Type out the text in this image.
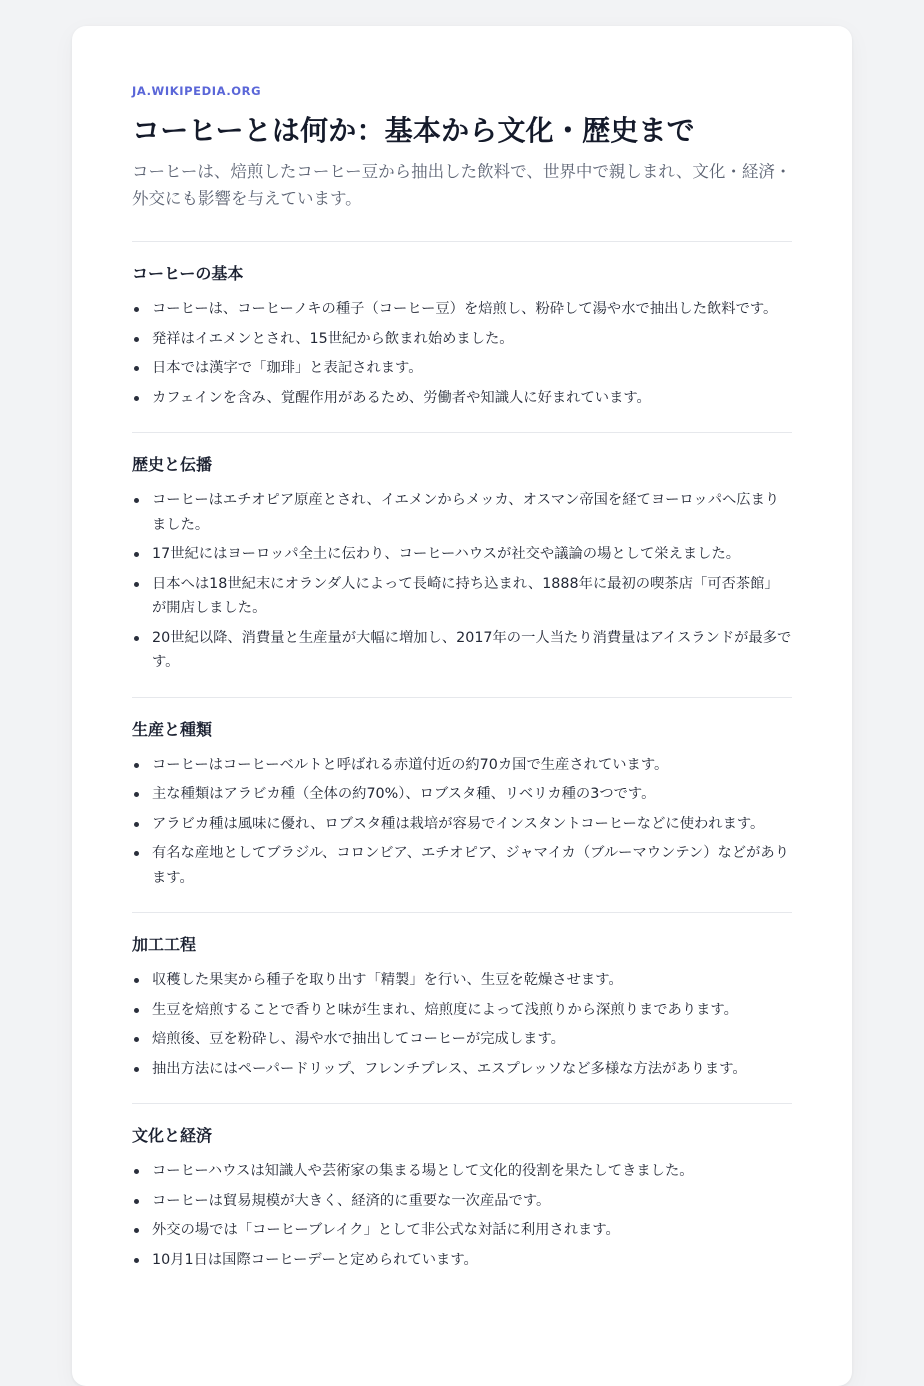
JA.WIKIPEDIA.ORG

コーヒーとは何か：基本から文化・歴史まで

コーヒーは、焙煎したコーヒー豆から抽出した飲料で、世界中で親しまれ、文化・経済・外交にも影響を与えています。

コーヒーの基本
コーヒーは、コーヒーノキの種子（コーヒー豆）を焙煎し、粉砕して湯や水で抽出した飲料です。
発祥はイエメンとされ、15世紀から飲まれ始めました。
日本では漢字で「珈琲」と表記されます。
カフェインを含み、覚醒作用があるため、労働者や知識人に好まれています。
歴史と伝播
コーヒーはエチオピア原産とされ、イエメンからメッカ、オスマン帝国を経てヨーロッパへ広まりました。
17世紀にはヨーロッパ全土に伝わり、コーヒーハウスが社交や議論の場として栄えました。
日本へは18世紀末にオランダ人によって長崎に持ち込まれ、1888年に最初の喫茶店「可否茶館」が開店しました。
20世紀以降、消費量と生産量が大幅に増加し、2017年の一人当たり消費量はアイスランドが最多です。
生産と種類
コーヒーはコーヒーベルトと呼ばれる赤道付近の約70カ国で生産されています。
主な種類はアラビカ種（全体の約70%）、ロブスタ種、リベリカ種の3つです。
アラビカ種は風味に優れ、ロブスタ種は栽培が容易でインスタントコーヒーなどに使われます。
有名な産地としてブラジル、コロンビア、エチオピア、ジャマイカ（ブルーマウンテン）などがあります。
加工工程
収穫した果実から種子を取り出す「精製」を行い、生豆を乾燥させます。
生豆を焙煎することで香りと味が生まれ、焙煎度によって浅煎りから深煎りまであります。
焙煎後、豆を粉砕し、湯や水で抽出してコーヒーが完成します。
抽出方法にはペーパードリップ、フレンチプレス、エスプレッソなど多様な方法があります。
文化と経済
コーヒーハウスは知識人や芸術家の集まる場として文化的役割を果たしてきました。
コーヒーは貿易規模が大きく、経済的に重要な一次産品です。
外交の場では「コーヒーブレイク」として非公式な対話に利用されます。
10月1日は国際コーヒーデーと定められています。
